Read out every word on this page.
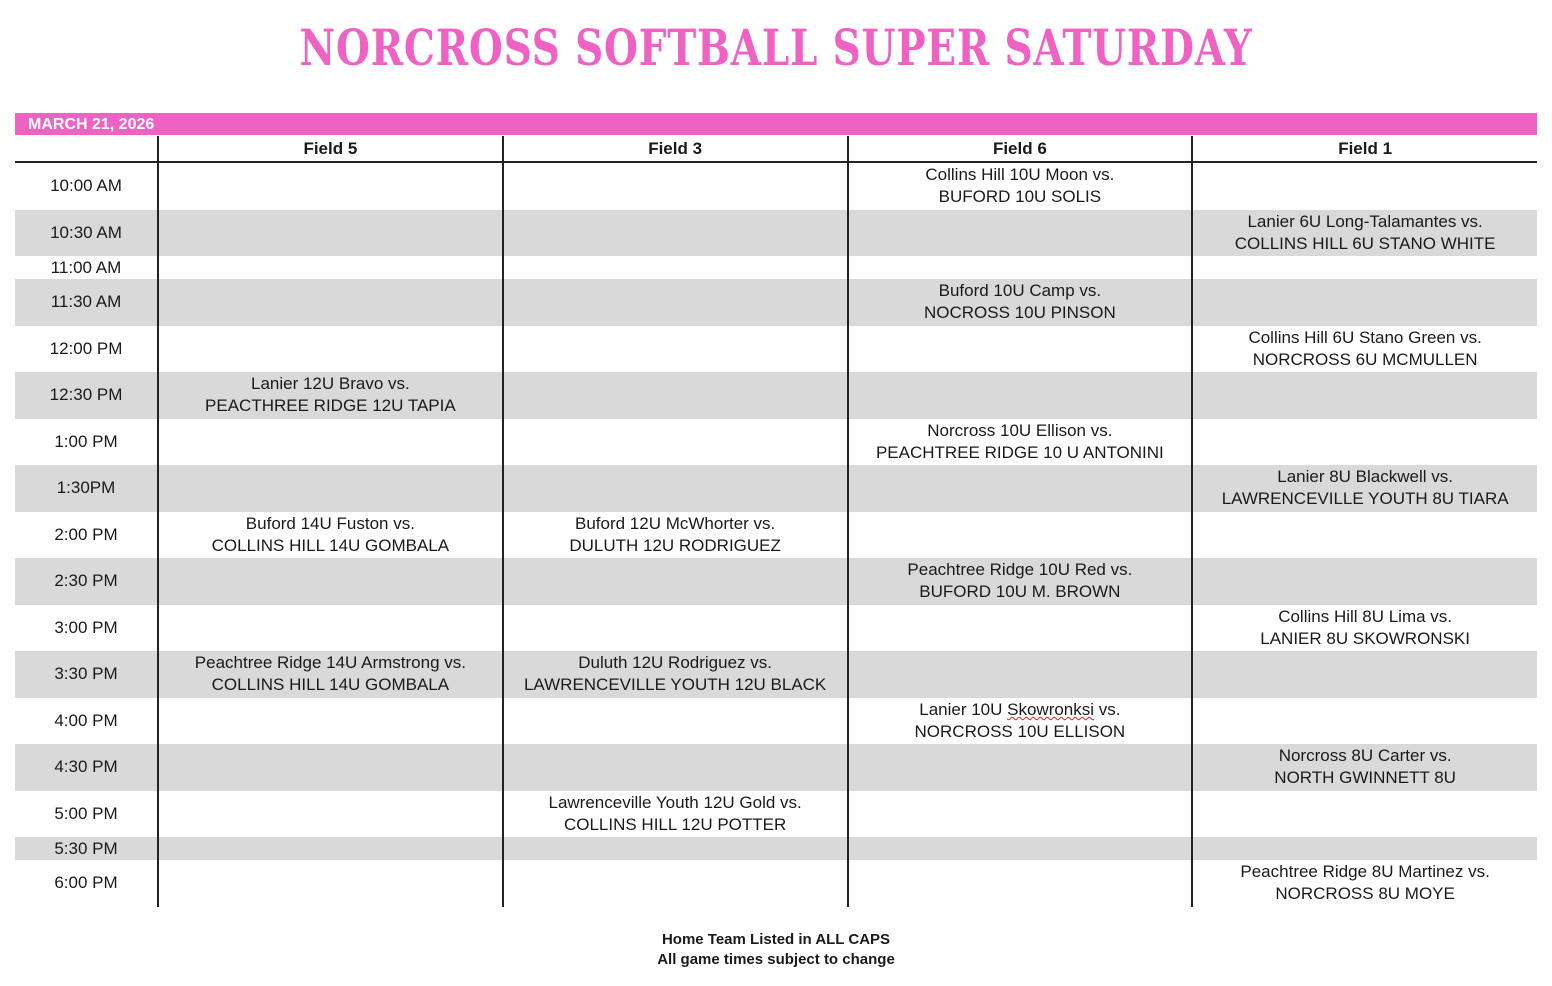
NORCROSS SOFTBALL SUPER SATURDAY
MARCH 21, 2026
	Field 5	Field 3	Field 6	Field 1
10:00 AM			Collins Hill 10U Moon vs.
BUFORD 10U SOLIS	

10:30 AM				Lanier 6U Long-Talamantes vs.
COLLINS HILL 6U STANO WHITE

11:00 AM				
11:30 AM			Buford 10U Camp vs.
NOCROSS 10U PINSON	

12:00 PM				Collins Hill 6U Stano Green vs.
NORCROSS 6U MCMULLEN

12:30 PM	Lanier 12U Bravo vs.
PEACTHREE RIDGE 12U TAPIA			

1:00 PM			Norcross 10U Ellison vs.
PEACHTREE RIDGE 10 U ANTONINI	

1:30PM				Lanier 8U Blackwell vs.
LAWRENCEVILLE YOUTH 8U TIARA

2:00 PM	Buford 14U Fuston vs.
COLLINS HILL 14U GOMBALA	Buford 12U McWhorter vs.
DULUTH 12U RODRIGUEZ		

2:30 PM			Peachtree Ridge 10U Red vs.
BUFORD 10U M. BROWN	

3:00 PM				Collins Hill 8U Lima vs.
LANIER 8U SKOWRONSKI

3:30 PM	Peachtree Ridge 14U Armstrong vs.
COLLINS HILL 14U GOMBALA	Duluth 12U Rodriguez vs.
LAWRENCEVILLE YOUTH 12U BLACK		

4:00 PM			Lanier 10U Skowronksi vs.
NORCROSS 10U ELLISON	

4:30 PM				Norcross 8U Carter vs.
NORTH GWINNETT 8U

5:00 PM		Lawrenceville Youth 12U Gold vs.
COLLINS HILL 12U POTTER		

5:30 PM				
6:00 PM				Peachtree Ridge 8U Martinez vs.
NORCROSS 8U MOYE
Home Team Listed in ALL CAPS
All game times subject to change
